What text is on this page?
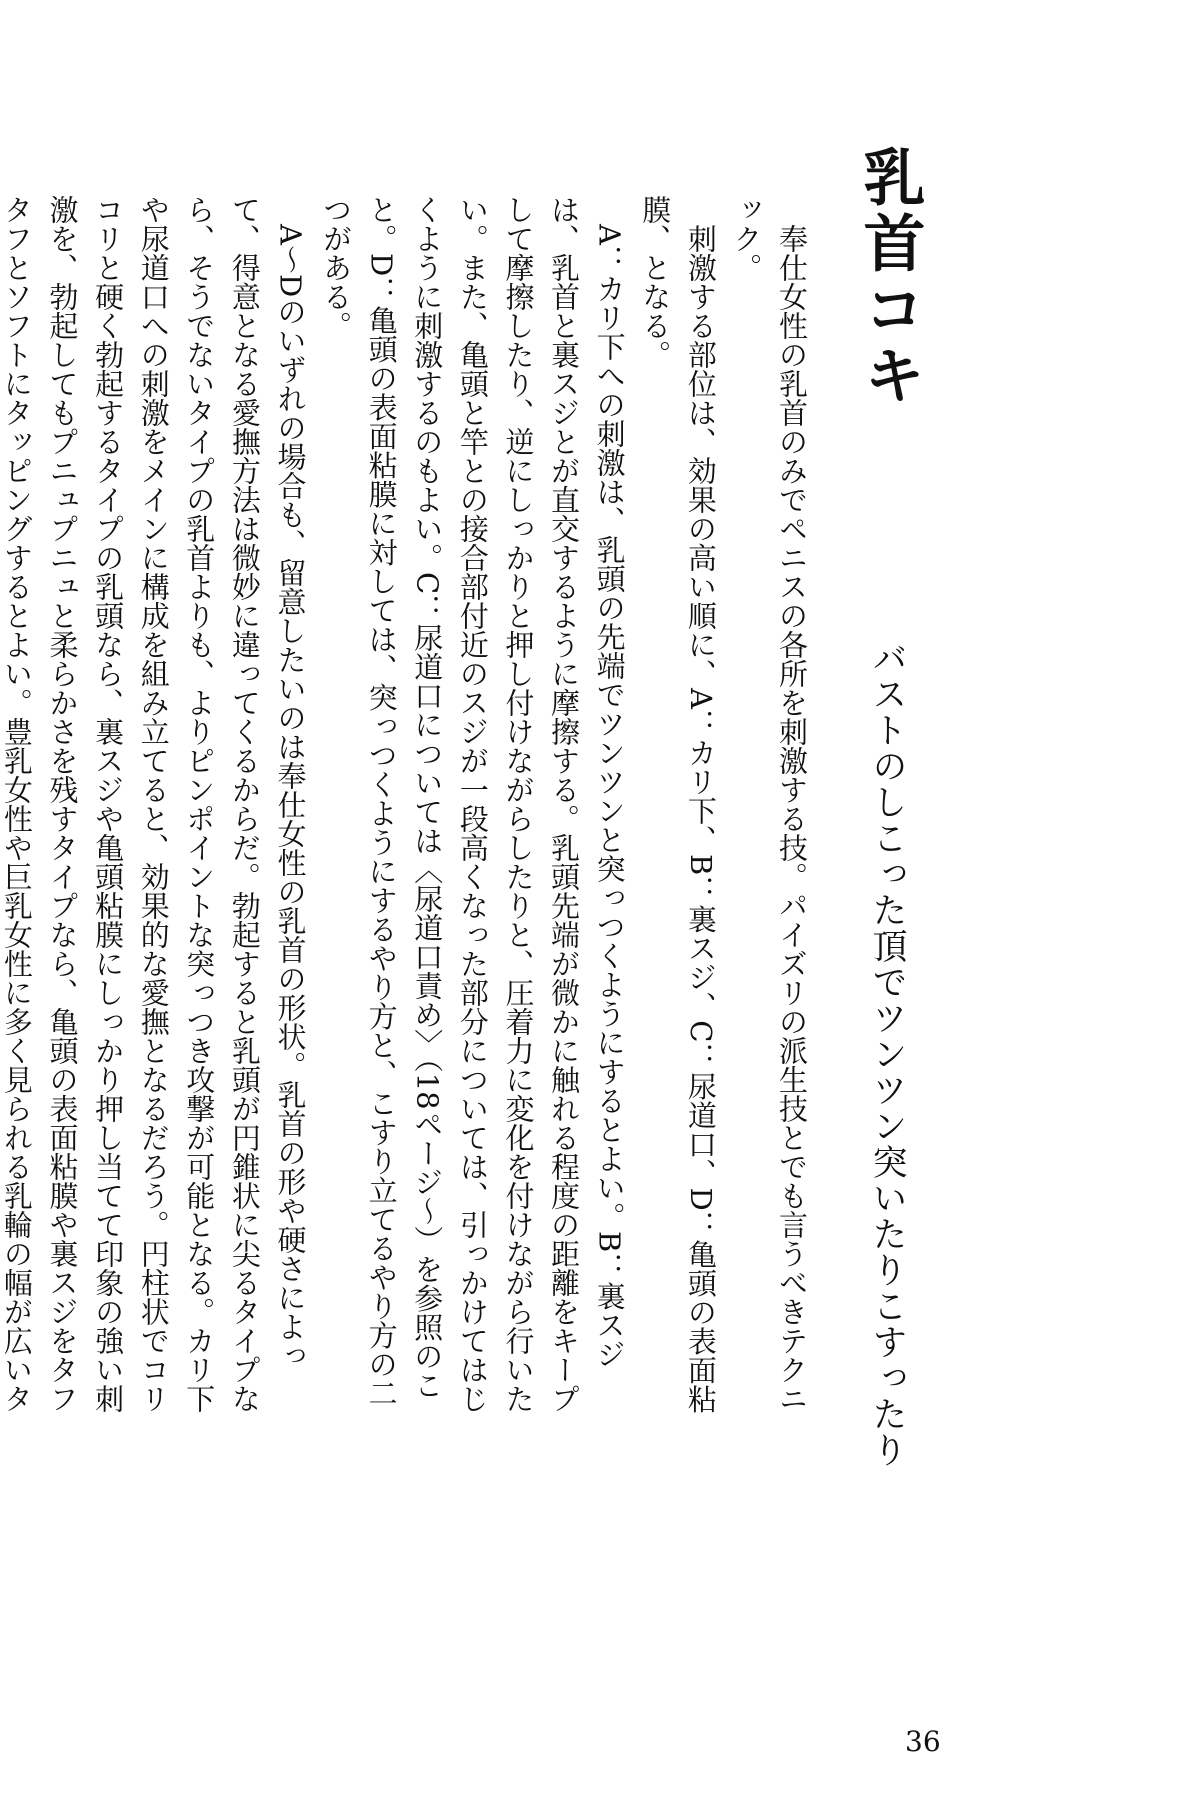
乳首コキ
バストのしこった頂でツンツン突いたりこすったり

奉仕女性の乳首のみでペニスの各所を刺激する技。パイズリの派生技とでも言うべきテクニック。

刺激する部位は、効果の高い順に、A：カリ下、B：裏スジ、C：尿道口、D：亀頭の表面粘膜、となる。

A：カリ下への刺激は、乳頭の先端でツンツンと突っつくようにするとよい。B：裏スジは、乳首と裏スジとが直交するように摩擦する。乳頭先端が微かに触れる程度の距離をキープして摩擦したり、逆にしっかりと押し付けながらしたりと、圧着力に変化を付けながら行いたい。また、亀頭と竿との接合部付近のスジが一段高くなった部分については、引っかけてはじくように刺激するのもよい。C：尿道口については〈尿道口責め〉（18ページ〜）を参照のこと。D：亀頭の表面粘膜に対しては、突っつくようにするやり方と、こすり立てるやり方の二つがある。

A〜Dのいずれの場合も、留意したいのは奉仕女性の乳首の形状。乳首の形や硬さによって、得意となる愛撫方法は微妙に違ってくるからだ。勃起すると乳頭が円錐状に尖るタイプなら、そうでないタイプの乳首よりも、よりピンポイントな突っつき攻撃が可能となる。カリ下や尿道口への刺激をメインに構成を組み立てると、効果的な愛撫となるだろう。円柱状でコリコリと硬く勃起するタイプの乳頭なら、裏スジや亀頭粘膜にしっかり押し当てて印象の強い刺激を、勃起してもプニュプニュと柔らかさを残すタイプなら、亀頭の表面粘膜や裏スジをタフタフとソフトにタッピングするとよい。豊乳女性や巨乳女性に多く見られる乳輪の幅が広いタ

36
